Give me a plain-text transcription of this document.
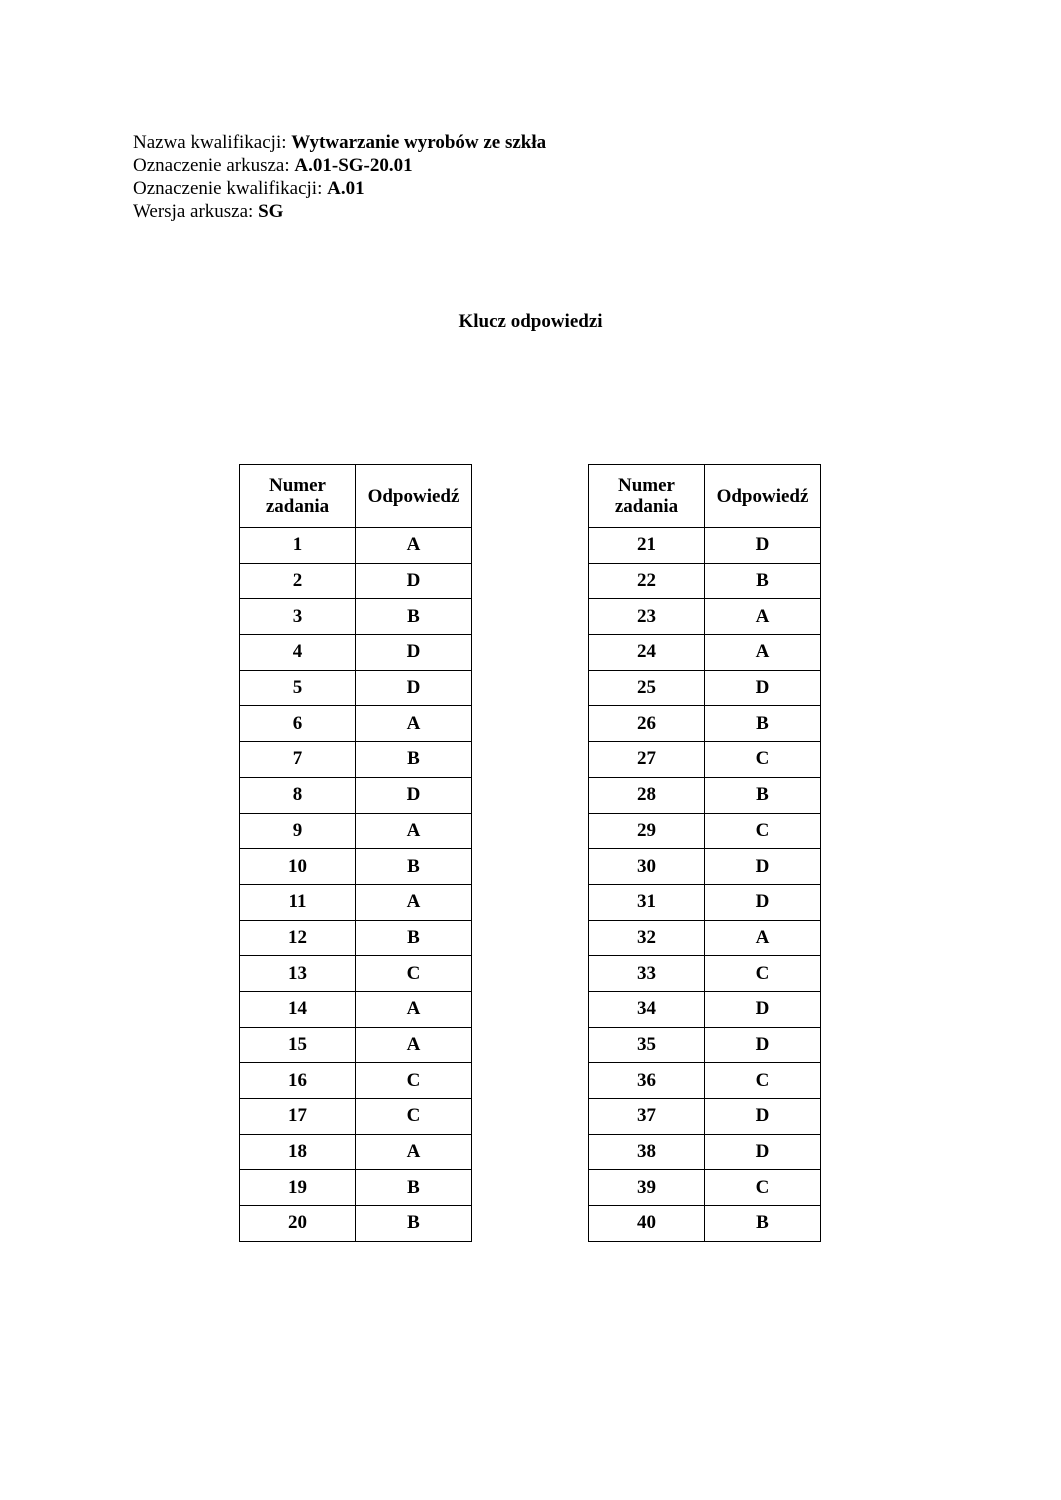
Nazwa kwalifikacji: Wytwarzanie wyrobów ze szkła
Oznaczenie arkusza: A.01-SG-20.01
Oznaczenie kwalifikacji: A.01
Wersja arkusza: SG
Klucz odpowiedzi
Numer
zadania	Odpowiedź
1	A
2	D
3	B
4	D
5	D
6	A
7	B
8	D
9	A
10	B
11	A
12	B
13	C
14	A
15	A
16	C
17	C
18	A
19	B
20	B
Numer
zadania	Odpowiedź
21	D
22	B
23	A
24	A
25	D
26	B
27	C
28	B
29	C
30	D
31	D
32	A
33	C
34	D
35	D
36	C
37	D
38	D
39	C
40	B
